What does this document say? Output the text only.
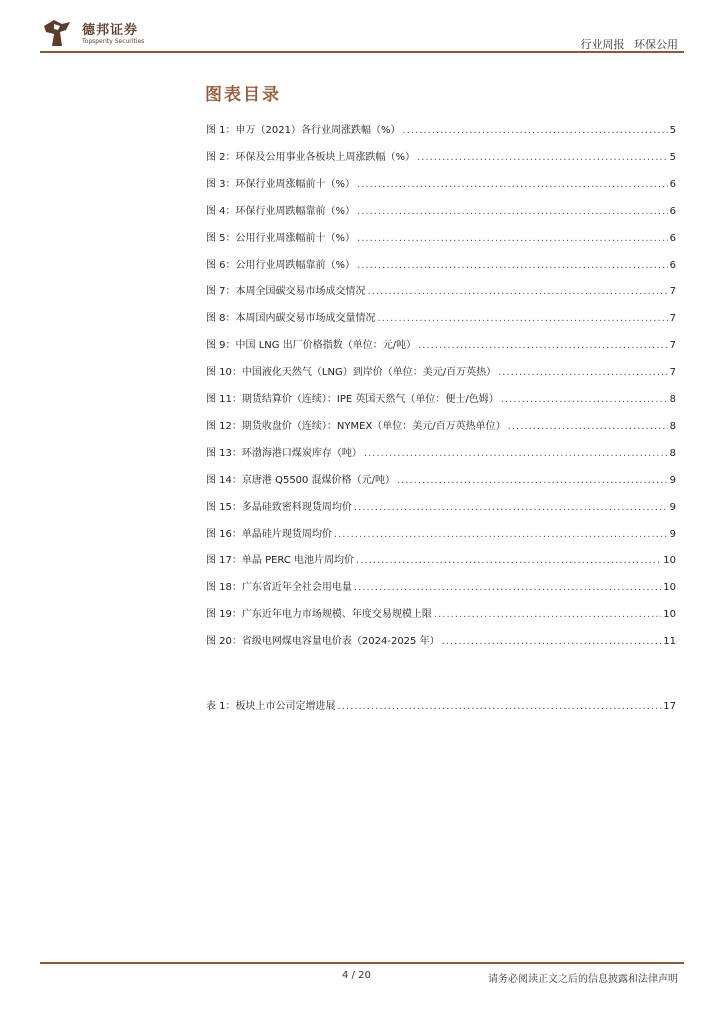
德邦证券
Topsperity Securities	行业周报 环保公用
图表目录
图 1：申万（2021）各行业周涨跌幅（%） .....	5
图 2：环保及公用事业各板块上周涨跌幅（%） .....	5
图 3：环保行业周涨幅前十（%） .....	6
图 4：环保行业周跌幅靠前（%） .....	6
图 5：公用行业周涨幅前十（%） .....	6
图 6：公用行业周跌幅靠前（%） .....	6
图 7：本周全国碳交易市场成交情况 .....	7
图 8：本周国内碳交易市场成交量情况 .....	7
图 9：中国 LNG 出厂价格指数（单位：元/吨） .....	7
图 10：中国液化天然气（LNG）到岸价（单位：美元/百万英热） .....	7
图 11：期货结算价（连续）：IPE 英国天然气（单位：便士/色姆） .....	8
图 12：期货收盘价（连续）：NYMEX（单位：美元/百万英热单位） .....	8
图 13：环渤海港口煤炭库存（吨） .....	8
图 14：京唐港 Q5500 混煤价格（元/吨） .....	9
图 15：多晶硅致密料现货周均价 .....	9
图 16：单晶硅片现货周均价 .....	9
图 17：单晶 PERC 电池片周均价 .....	10
图 18：广东省近年全社会用电量 .....	10
图 19：广东近年电力市场规模、年度交易规模上限 .....	10
图 20：省级电网煤电容量电价表（2024-2025 年） .....	11
表 1：板块上市公司定增进展 .....	17
4 / 20	请务必阅读正文之后的信息披露和法律声明
